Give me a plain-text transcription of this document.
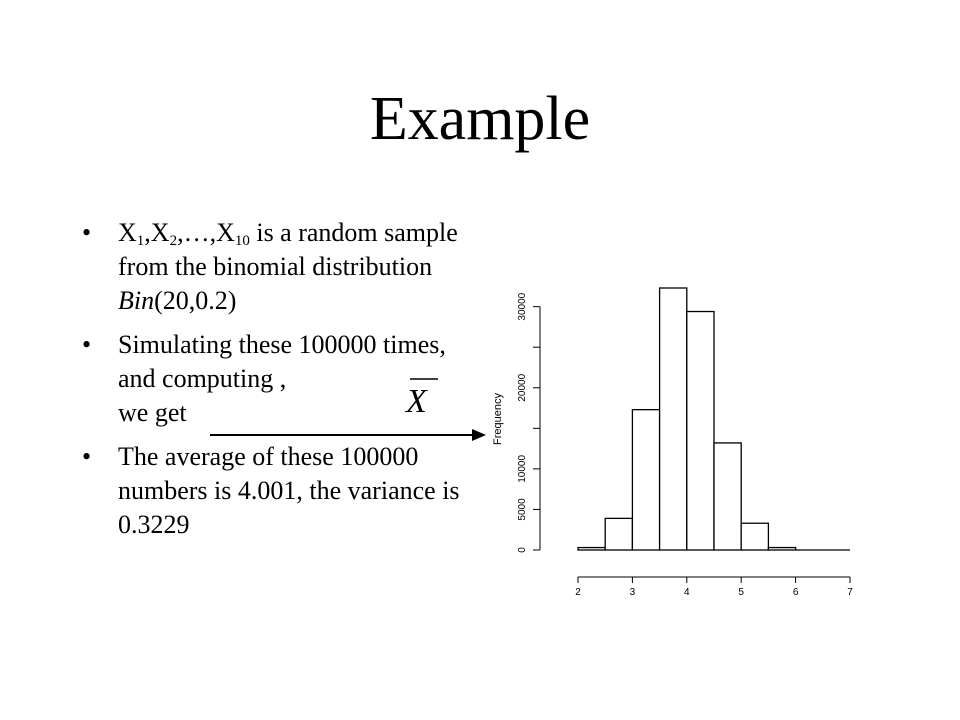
Example
• $X_1,X_2,\dots,X_{10}$ is a random sample from the binomial distribution Bin(20,0.2)
• Simulating these 100000 times, and computing ,
we get
• The average of these 100000 numbers is 4.001, the variance is 0.3229
X
0
5000
10000
20000
30000
2	3	4	5	6	7
Frequency
